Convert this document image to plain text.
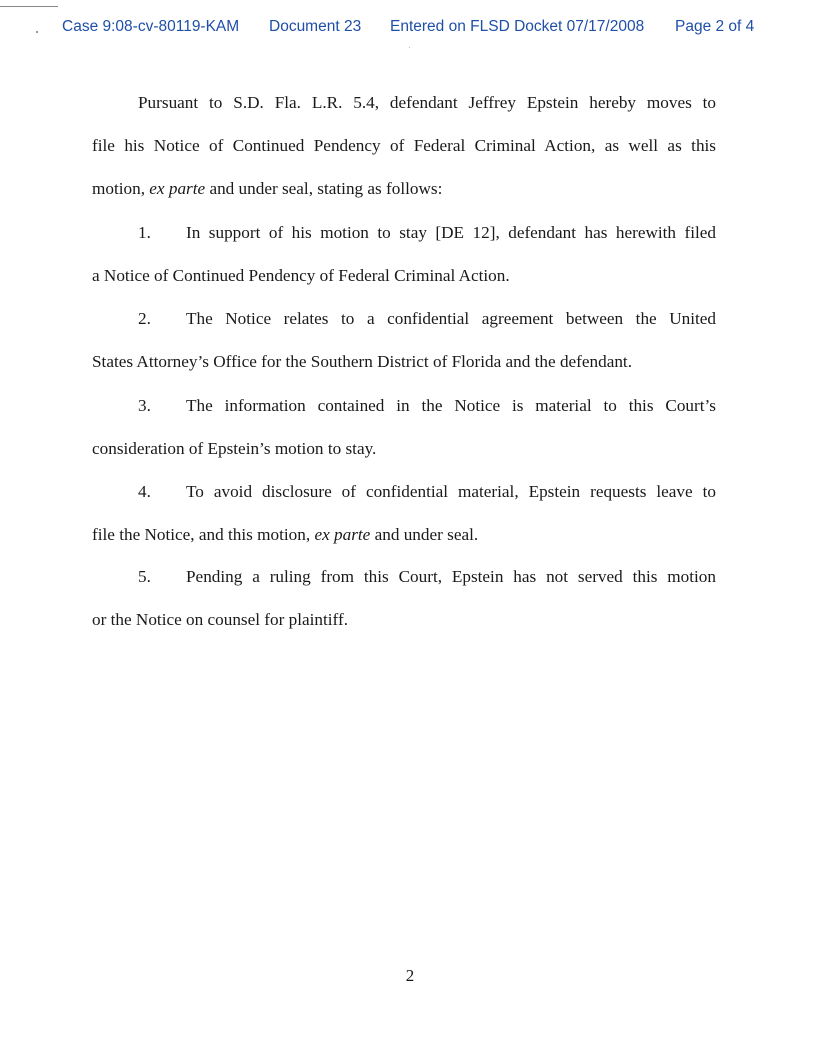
Case 9:08-cv-80119-KAM Document 23 Entered on FLSD Docket 07/17/2008 Page 2 of 4
Pursuant to S.D. Fla. L.R. 5.4, defendant Jeffrey Epstein hereby moves to
file his Notice of Continued Pendency of Federal Criminal Action, as well as this
motion, ex parte and under seal, stating as follows:
1. In support of his motion to stay [DE 12], defendant has herewith filed
a Notice of Continued Pendency of Federal Criminal Action.
2. The Notice relates to a confidential agreement between the United
States Attorney’s Office for the Southern District of Florida and the defendant.
3. The information contained in the Notice is material to this Court’s
consideration of Epstein’s motion to stay.
4. To avoid disclosure of confidential material, Epstein requests leave to
file the Notice, and this motion, ex parte and under seal.
5. Pending a ruling from this Court, Epstein has not served this motion
or the Notice on counsel for plaintiff.
2
